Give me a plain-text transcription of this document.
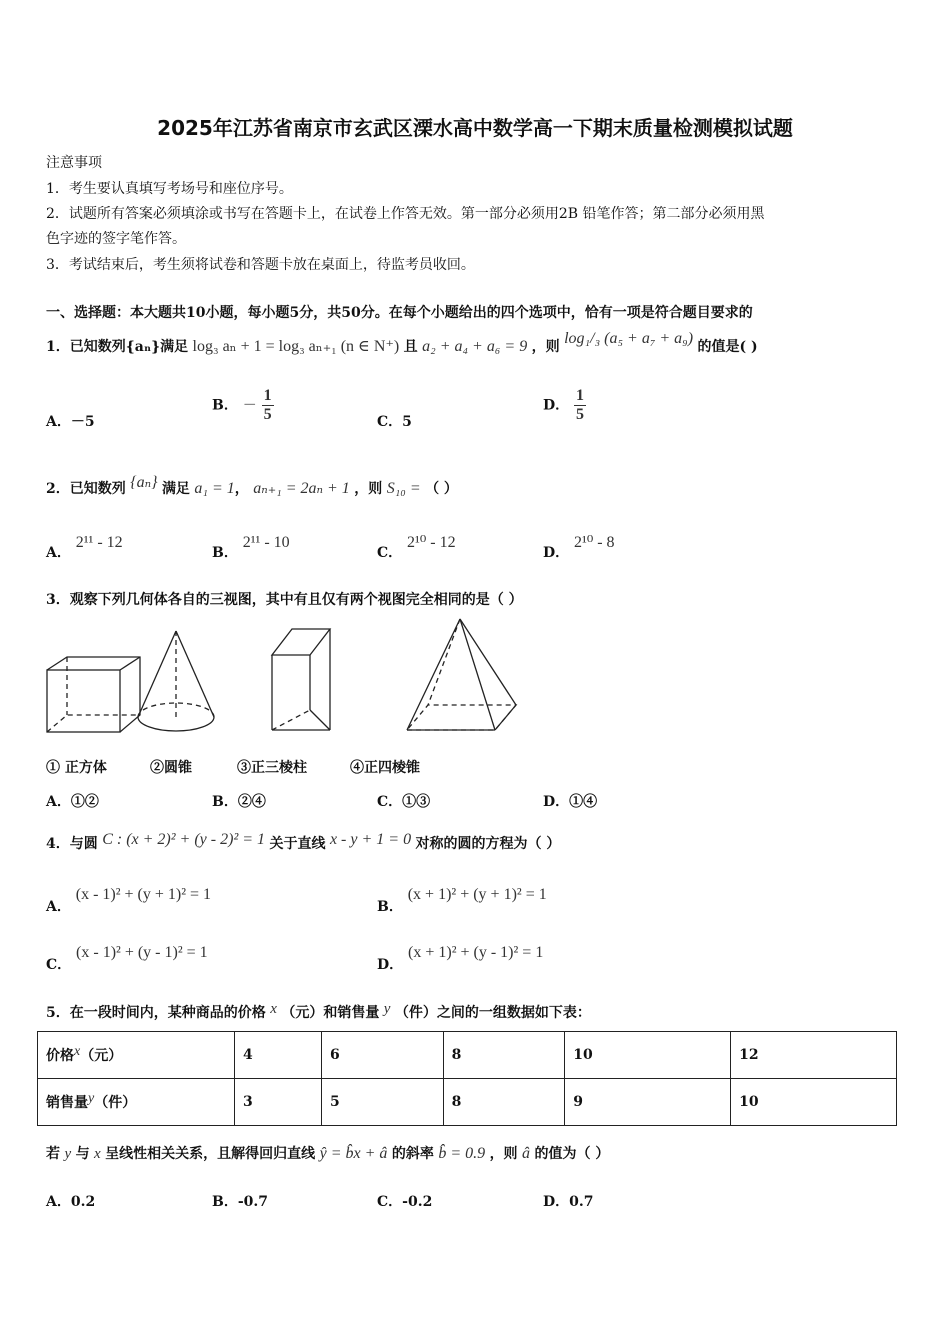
2025年江苏省南京市玄武区溧水高中数学高一下期末质量检测模拟试题
注意事项
1．考生要认真填写考场号和座位序号。
2．试题所有答案必须填涂或书写在答题卡上，在试卷上作答无效。第一部分必须用2B 铅笔作答；第二部分必须用黑
色字迹的签字笔作答。
3．考试结束后，考生须将试卷和答题卡放在桌面上，待监考员收回。
一、选择题：本大题共10小题，每小题5分，共50分。在每个小题给出的四个选项中，恰有一项是符合题目要求的
1．已知数列{aₙ}满足 log₃ aₙ + 1 = log₃ aₙ₊₁ (n ∈ N⁺) 且 a₂ + a₄ + a₆ = 9 ，则 log₁/₃ (a₅ + a₇ + a₉) 的值是( )
A．－5
B． － $\frac{1}{5}$	C．5
D． $\frac{1}{5}$
2．已知数列 {aₙ} 满足 a₁ = 1， aₙ₊₁ = 2aₙ + 1 ，则 S₁₀ = （ ）
A． 2¹¹ - 12
B． 2¹¹ - 10
C． 2¹⁰ - 12
D． 2¹⁰ - 8
3．观察下列几何体各自的三视图，其中有且仅有两个视图完全相同的是（ ）
① 正方体	②圆锥	③正三棱柱	④正四棱锥
A．①②	B．②④	C．①③	D．①④
4．与圆 C : (x + 2)² + (y - 2)² = 1 关于直线 x - y + 1 = 0 对称的圆的方程为（ ）
A． (x - 1)² + (y + 1)² = 1
B． (x + 1)² + (y + 1)² = 1
C． (x - 1)² + (y - 1)² = 1
D． (x + 1)² + (y - 1)² = 1
5．在一段时间内，某种商品的价格 x （元）和销售量 y （件）之间的一组数据如下表：
价格x（元）	4	6	8	10	12
销售量y（件）	3	5	8	9	10
若 y 与 x 呈线性相关关系，且解得回归直线 ŷ = b̂x + â 的斜率 b̂ = 0.9 ，则 â 的值为（ ）
A．0.2	B．-0.7	C．-0.2	D．0.7
